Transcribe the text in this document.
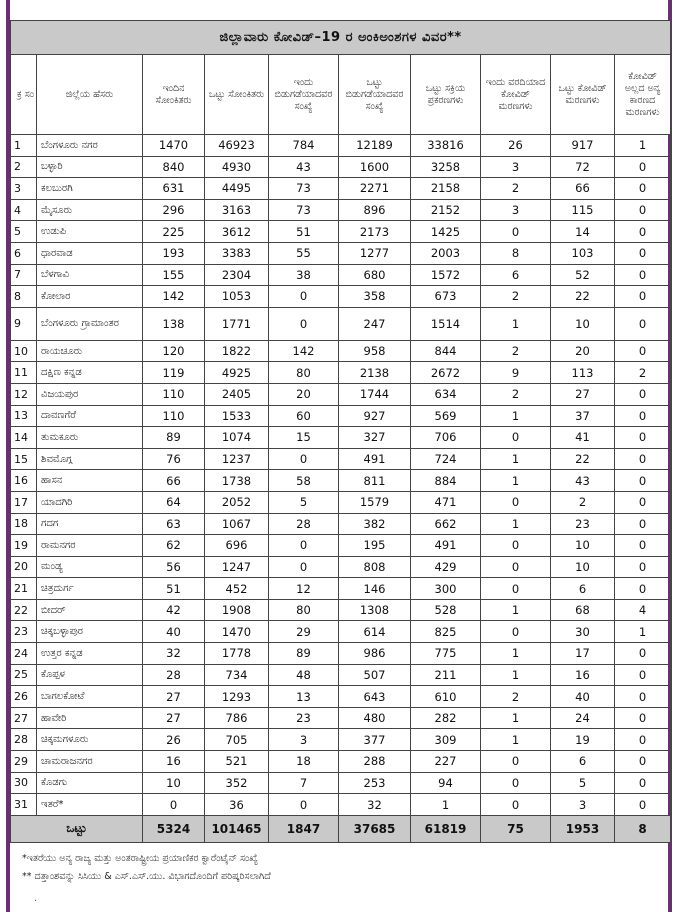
ಜಿಲ್ಲಾವಾರು ಕೋವಿಡ್–19 ರ ಅಂಕಿಅಂಶಗಳ ವಿವರ**									
ಕ್ರ ಸಂ	ಜಿಲ್ಲೆಯ ಹೆಸರು	ಇಂದಿನ ಸೋಂಕಿತರು	ಒಟ್ಟು ಸೋಂಕಿತರು	ಇಂದು ಬಿಡುಗಡೆಯಾದವರ ಸಂಖ್ಯೆ	ಒಟ್ಟು ಬಿಡುಗಡೆಯಾದವರ ಸಂಖ್ಯೆ	ಒಟ್ಟು ಸಕ್ರಿಯ ಪ್ರಕರಣಗಳು	ಇಂದು ವರದಿಯಾದ ಕೋವಿಡ್ ಮರಣಗಳು	ಒಟ್ಟು ಕೋವಿಡ್ ಮರಣಗಳು	ಕೋವಿಡ್ ಅಲ್ಲದ ಅನ್ಯ ಕಾರಣದ ಮರಣಗಳು
1	ಬೆಂಗಳೂರು ನಗರ	1470	46923	784	12189	33816	26	917	1
2	ಬಳ್ಳಾರಿ	840	4930	43	1600	3258	3	72	0
3	ಕಲಬುರಗಿ	631	4495	73	2271	2158	2	66	0
4	ಮೈಸೂರು	296	3163	73	896	2152	3	115	0
5	ಉಡುಪಿ	225	3612	51	2173	1425	0	14	0
6	ಧಾರವಾಡ	193	3383	55	1277	2003	8	103	0
7	ಬೆಳಗಾವಿ	155	2304	38	680	1572	6	52	0
8	ಕೋಲಾರ	142	1053	0	358	673	2	22	0
9	ಬೆಂಗಳೂರು ಗ್ರಾಮಾಂತರ	138	1771	0	247	1514	1	10	0
10	ರಾಯಚೂರು	120	1822	142	958	844	2	20	0
11	ದಕ್ಷಿಣ ಕನ್ನಡ	119	4925	80	2138	2672	9	113	2
12	ವಿಜಯಪುರ	110	2405	20	1744	634	2	27	0
13	ದಾವಣಗೆರೆ	110	1533	60	927	569	1	37	0
14	ತುಮಕೂರು	89	1074	15	327	706	0	41	0
15	ಶಿವಮೊಗ್ಗ	76	1237	0	491	724	1	22	0
16	ಹಾಸನ	66	1738	58	811	884	1	43	0
17	ಯಾದಗಿರಿ	64	2052	5	1579	471	0	2	0
18	ಗದಗ	63	1067	28	382	662	1	23	0
19	ರಾಮನಗರ	62	696	0	195	491	0	10	0
20	ಮಂಡ್ಯ	56	1247	0	808	429	0	10	0
21	ಚಿತ್ರದುರ್ಗ	51	452	12	146	300	0	6	0
22	ಬೀದರ್	42	1908	80	1308	528	1	68	4
23	ಚಿಕ್ಕಬಳ್ಳಾಪುರ	40	1470	29	614	825	0	30	1
24	ಉತ್ತರ ಕನ್ನಡ	32	1778	89	986	775	1	17	0
25	ಕೊಪ್ಪಳ	28	734	48	507	211	1	16	0
26	ಬಾಗಲಕೋಟೆ	27	1293	13	643	610	2	40	0
27	ಹಾವೇರಿ	27	786	23	480	282	1	24	0
28	ಚಿಕ್ಕಮಗಳೂರು	26	705	3	377	309	1	19	0
29	ಚಾಮರಾಜನಗರ	16	521	18	288	227	0	6	0
30	ಕೊಡಗು	10	352	7	253	94	0	5	0
31	ಇತರೆ*	0	36	0	32	1	0	3	0
ಒಟ್ಟು		5324	101465	1847	37685	61819	75	1953	8
*ಇತರೆಯು ಅನ್ಯ ರಾಜ್ಯ ಮತ್ತು ಅಂತರಾಷ್ಟ್ರೀಯ ಪ್ರಯಾಣಿಕರ ಕ್ವಾರೆಂಟೈನ್ ಸಂಖ್ಯೆ
** ದತ್ತಾಂಶವನ್ನು ಸಿಸಿಯು & ಎಸ್.ಎಸ್.ಯು. ವಿಭಾಗದೊಂದಿಗೆ ಪರಿಷ್ಕರಿಸಲಾಗಿದೆ
·
